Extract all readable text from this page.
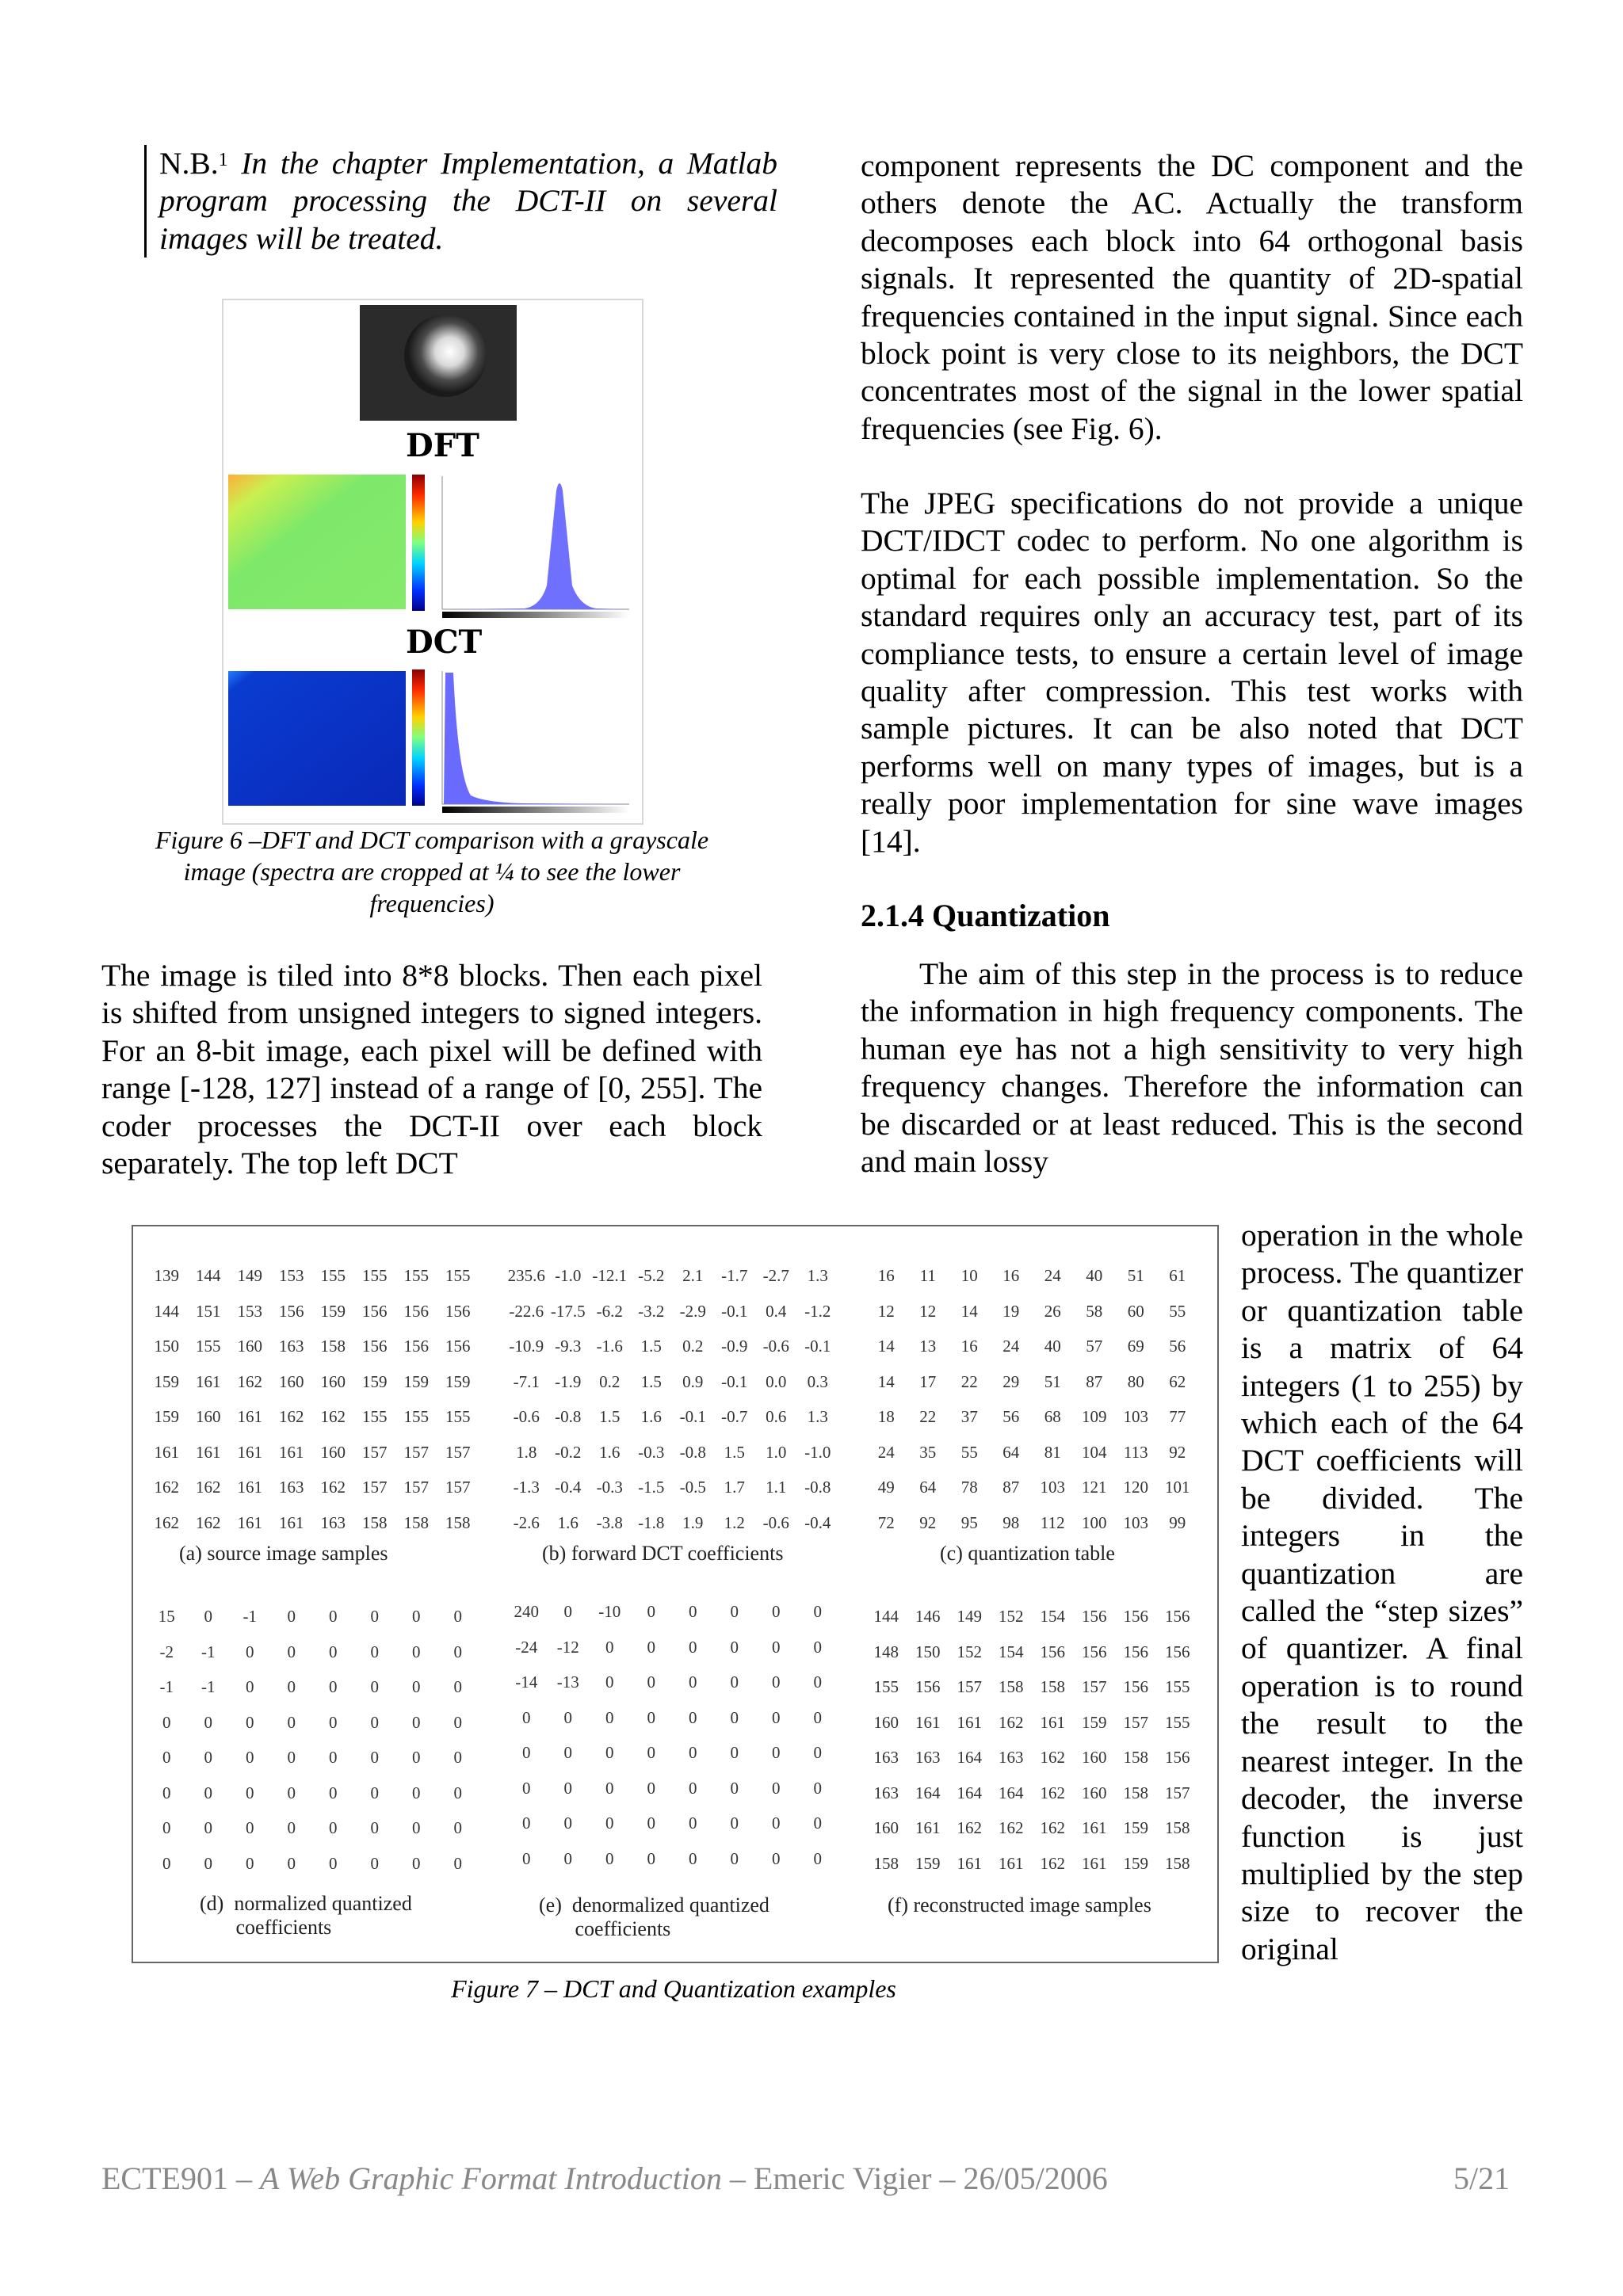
N.B.$^1$ In the chapter Implementation, a Matlab program processing the DCT-II on several images will be treated.
DFT
DCT
Figure 6 –DFT and DCT comparison with a grayscale image (spectra are cropped at ¼ to see the lower frequencies)

The image is tiled into 8*8 blocks. Then each pixel is shifted from unsigned integers to signed integers. For an 8-bit image, each pixel will be defined with range [-128, 127] instead of a range of [0, 255]. The coder processes the DCT-II over each block separately. The top left DCT

component represents the DC component and the others denote the AC. Actually the transform decomposes each block into 64 orthogonal basis signals. It represented the quantity of 2D-spatial frequencies contained in the input signal. Since each block point is very close to its neighbors, the DCT concentrates most of the signal in the lower spatial frequencies (see Fig. 6).

The JPEG specifications do not provide a unique DCT/IDCT codec to perform. No one algorithm is optimal for each possible implementation. So the standard requires only an accuracy test, part of its compliance tests, to ensure a certain level of image quality after compression. This test works with sample pictures. It can be also noted that DCT performs well on many types of images, but is a really poor implementation for sine wave images [14].

2.1.4 Quantization

The aim of this step in the process is to reduce the information in high frequency components. The human eye has not a high sensitivity to very high frequency changes. Therefore the information can be discarded or at least reduced. This is the second and main lossy

operation in the whole process. The quantizer or quantization table is a matrix of 64 integers (1 to 255) by which each of the 64 DCT coefficients will be divided. The integers in the quantization are called the “step sizes” of quantizer. A final operation is to round the result to the nearest integer. In the decoder, the inverse function is just multiplied by the step size to recover the original

139	144	149	153	155	155	155	155
144	151	153	156	159	156	156	156
150	155	160	163	158	156	156	156
159	161	162	160	160	159	159	159
159	160	161	162	162	155	155	155
161	161	161	161	160	157	157	157
162	162	161	163	162	157	157	157
162	162	161	161	163	158	158	158
235.6 -1.0 -12.1 -5.2	2.1	-1.7 -2.7	1.3
-22.6 -17.5 -6.2 -3.2 -2.9 -0.1	0.4	-1.2
-10.9 -9.3 -1.6	1.5	0.2	-0.9 -0.6 -0.1
-7.1 -1.9	0.2	1.5	0.9	-0.1	0.0	0.3
-0.6 -0.8	1.5	1.6	-0.1 -0.7	0.6	1.3
1.8	-0.2	1.6	-0.3 -0.8	1.5	1.0	-1.0
-1.3 -0.4 -0.3 -1.5 -0.5	1.7	1.1	-0.8
-2.6	1.6	-3.8 -1.8	1.9	1.2	-0.6 -0.4
16	11	10	16	24	40	51	61
12	12	14	19	26	58	60	55
14	13	16	24	40	57	69	56
14	17	22	29	51	87	80	62
18	22	37	56	68	109	103	77
24	35	55	64	81	104	113	92
49	64	78	87	103	121	120	101
72	92	95	98	112	100	103	99
(a) source image samples	(b) forward DCT coefficients	(c) quantization table
15	0	-1	0	0	0	0	0
-2	-1	0	0	0	0	0	0
-1	-1	0	0	0	0	0	0
0	0	0	0	0	0	0	0
0	0	0	0	0	0	0	0
0	0	0	0	0	0	0	0
0	0	0	0	0	0	0	0
0	0	0	0	0	0	0	0
240	0	-10	0	0	0	0	0
-24	-12	0	0	0	0	0	0
-14	-13	0	0	0	0	0	0
0	0	0	0	0	0	0	0
0	0	0	0	0	0	0	0
0	0	0	0	0	0	0	0
0	0	0	0	0	0	0	0
0	0	0	0	0	0	0	0
144	146	149	152	154	156	156	156
148	150	152	154	156	156	156	156
155	156	157	158	158	157	156	155
160	161	161	162	161	159	157	155
163	163	164	163	162	160	158	156
163	164	164	164	162	160	158	157
160	161	162	162	162	161	159	158
158	159	161	161	162	161	159	158
(d)  normalized quantized
coefficients
(e)  denormalized quantized
coefficients
(f) reconstructed image samples
Figure 7 – DCT and Quantization examples
ECTE901 – A Web Graphic Format Introduction – Emeric Vigier – 26/05/2006	5/21
